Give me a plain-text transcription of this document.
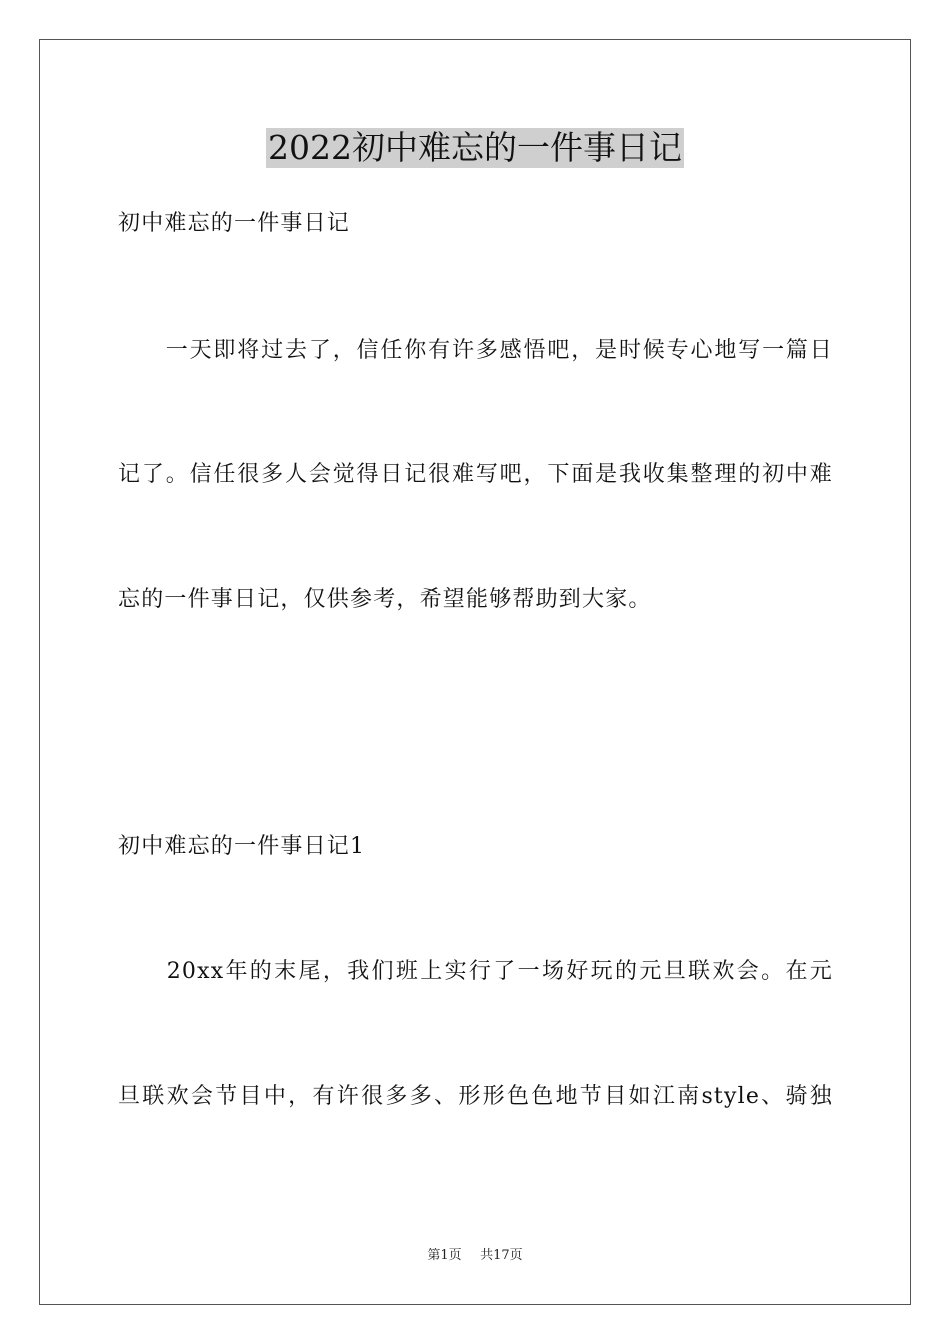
2022初中难忘的一件事日记
初中难忘的一件事日记
　　一天即将过去了，信任你有许多感悟吧，是时候专心地写一篇日
记了。信任很多人会觉得日记很难写吧，下面是我收集整理的初中难
忘的一件事日记，仅供参考，希望能够帮助到大家。
初中难忘的一件事日记1
　　20xx年的末尾，我们班上实行了一场好玩的元旦联欢会。在元
旦联欢会节目中，有许很多多、形形色色地节目如江南style、骑独
第1页 共17页
